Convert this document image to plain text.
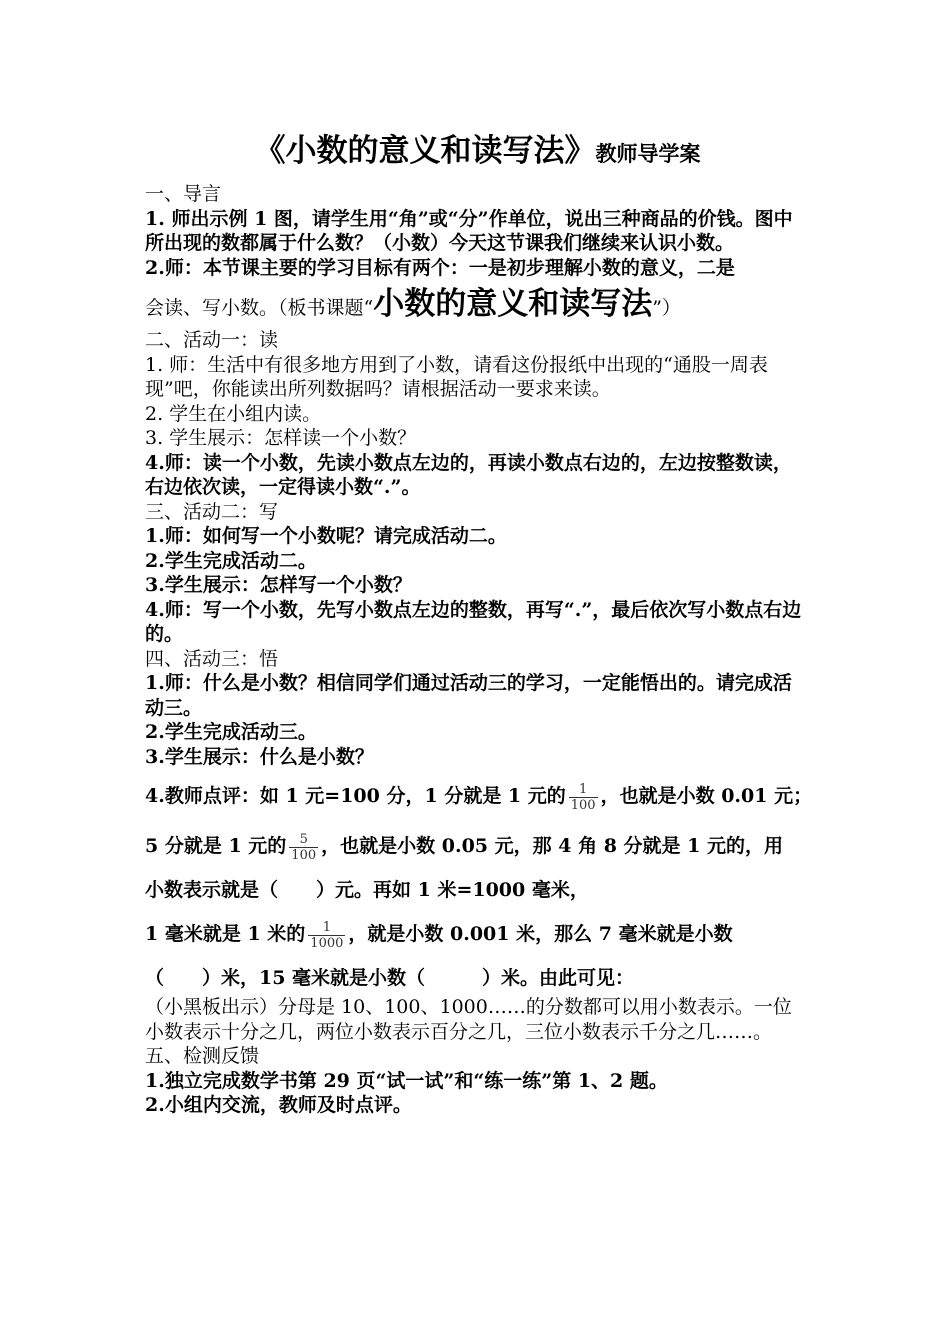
《小数的意义和读写法》教师导学案

一、导言

1. 师出示例 1 图，请学生用“角”或“分”作单位，说出三种商品的价钱。图中所出现的数都属于什么数？（小数）今天这节课我们继续来认识小数。

2.师：本节课主要的学习目标有两个：一是初步理解小数的意义，二是

会读、写小数。（板书课题“小数的意义和读写法”）

二、活动一：读

1. 师：生活中有很多地方用到了小数，请看这份报纸中出现的“通股一周表现”吧，你能读出所列数据吗？请根据活动一要求来读。

2. 学生在小组内读。

3. 学生展示：怎样读一个小数？

4.师：读一个小数，先读小数点左边的，再读小数点右边的，左边按整数读，右边依次读，一定得读小数“.”。

三、活动二：写

1.师：如何写一个小数呢？请完成活动二。

2.学生完成活动二。

3.学生展示：怎样写一个小数？

4.师：写一个小数，先写小数点左边的整数，再写“.”，最后依次写小数点右边的。

四、活动三：悟

1.师：什么是小数？相信同学们通过活动三的学习，一定能悟出的。请完成活动三。

2.学生完成活动三。

3.学生展示：什么是小数？

4.教师点评：如 1 元=100 分，1 分就是 1 元的 $\frac{1}{100}$ ，也就是小数 0.01 元；

5 分就是 1 元的 $\frac{5}{100}$ ，也就是小数 0.05 元，那 4 角 8 分就是 1 元的，用

小数表示就是（　　）元。再如 1 米=1000 毫米，

1 毫米就是 1 米的 $\frac{1}{1000}$ ，就是小数 0.001 米，那么 7 毫米就是小数

（　　）米，15 毫米就是小数（　　　）米。由此可见：

（小黑板出示）分母是 10、100、1000……的分数都可以用小数表示。一位小数表示十分之几，两位小数表示百分之几，三位小数表示千分之几……。

五、检测反馈

1.独立完成数学书第 29 页“试一试”和“练一练”第 1、2 题。

2.小组内交流，教师及时点评。
